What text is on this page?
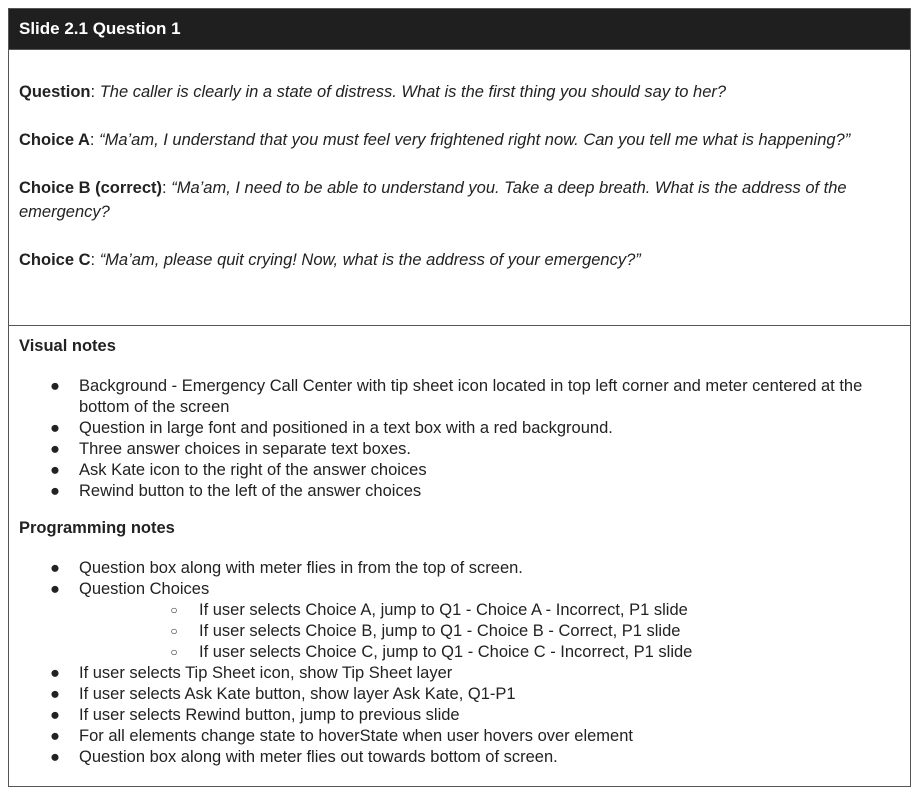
Slide 2.1 Question 1

Question: The caller is clearly in a state of distress. What is the first thing you should say to her?

Choice A: “Ma’am, I understand that you must feel very frightened right now. Can you tell me what is happening?”

Choice B (correct): “Ma’am, I need to be able to understand you. Take a deep breath. What is the address of the emergency?

Choice C: “Ma’am, please quit crying! Now, what is the address of your emergency?”

Visual notes
● Background - Emergency Call Center with tip sheet icon located in top left corner and meter centered at the bottom of the screen
● Question in large font and positioned in a text box with a red background.
● Three answer choices in separate text boxes.
● Ask Kate icon to the right of the answer choices
● Rewind button to the left of the answer choices
Programming notes
● Question box along with meter flies in from the top of screen.
● Question Choices
○ If user selects Choice A, jump to Q1 - Choice A - Incorrect, P1 slide
○ If user selects Choice B, jump to Q1 - Choice B - Correct, P1 slide
○ If user selects Choice C, jump to Q1 - Choice C - Incorrect, P1 slide
● If user selects Tip Sheet icon, show Tip Sheet layer
● If user selects Ask Kate button, show layer Ask Kate, Q1-P1
● If user selects Rewind button, jump to previous slide
● For all elements change state to hoverState when user hovers over element
● Question box along with meter flies out towards bottom of screen.
